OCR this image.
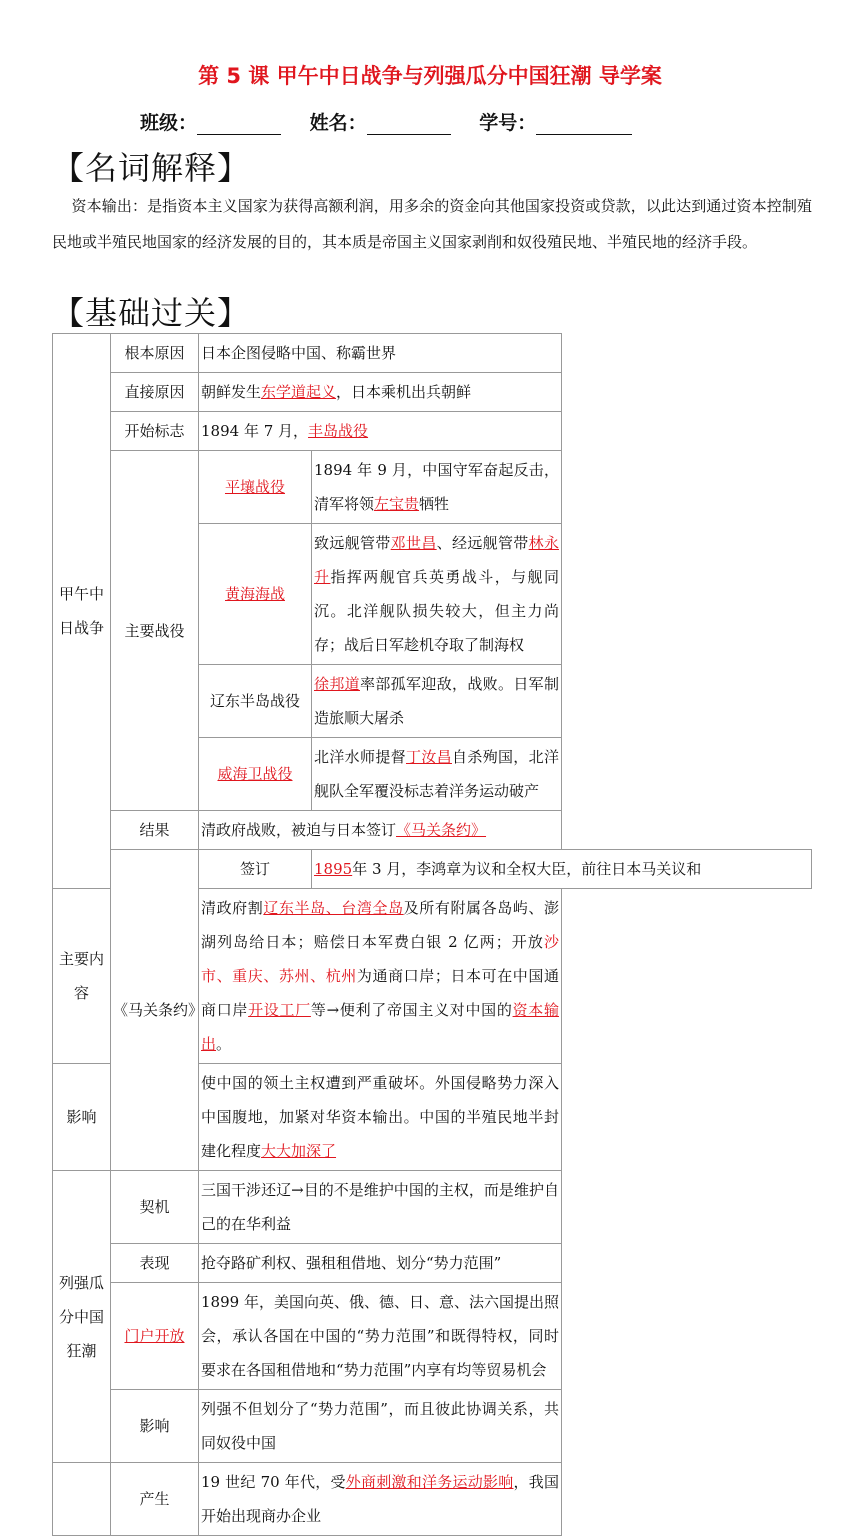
第 5 课 甲午中日战争与列强瓜分中国狂潮 导学案
班级：	姓名：	学号：
【名词解释】
资本输出：是指资本主义国家为获得高额利润，用多余的资金向其他国家投资或贷款，以此达到通过资本控制殖民地或半殖民地国家的经济发展的目的，其本质是帝国主义国家剥削和奴役殖民地、半殖民地的经济手段。
【基础过关】
甲午中日战争	根本原因	日本企图侵略中国、称霸世界	
	直接原因	朝鲜发生东学道起义，日本乘机出兵朝鲜	
	开始标志	1894 年 7 月，丰岛战役	
	主要战役	平壤战役	1894 年 9 月，中国守军奋起反击，清军将领左宝贵牺牲
		黄海海战	致远舰管带邓世昌、经远舰管带林永升指挥两舰官兵英勇战斗，与舰同沉。北洋舰队损失较大，但主力尚存；战后日军趁机夺取了制海权
		辽东半岛战役	徐邦道率部孤军迎敌，战败。日军制造旅顺大屠杀
		威海卫战役	北洋水师提督丁汝昌自杀殉国，北洋舰队全军覆没标志着洋务运动破产
	结果	清政府战败，被迫与日本签订《马关条约》	
	《马关条约》	签订	1895年 3 月，李鸿章为议和全权大臣，前往日本马关议和
主要内容		清政府割辽东半岛、台湾全岛及所有附属各岛屿、澎湖列岛给日本；赔偿日本军费白银 2 亿两；开放沙市、重庆、苏州、杭州为通商口岸；日本可在中国通商口岸开设工厂等→便利了帝国主义对中国的资本输出。	
影响		使中国的领土主权遭到严重破坏。外国侵略势力深入中国腹地，加紧对华资本输出。中国的半殖民地半封建化程度大大加深了	
列强瓜分中国狂潮	契机	三国干涉还辽→目的不是维护中国的主权，而是维护自己的在华利益	
	表现	抢夺路矿利权、强租租借地、划分“势力范围”	
	门户开放	1899 年，美国向英、俄、德、日、意、法六国提出照会，承认各国在中国的“势力范围”和既得特权，同时要求在各国租借地和“势力范围”内享有均等贸易机会	
	影响	列强不但划分了“势力范围”，而且彼此协调关系，共同奴役中国	
	产生	19 世纪 70 年代，受外商刺激和洋务运动影响，我国开始出现商办企业	
